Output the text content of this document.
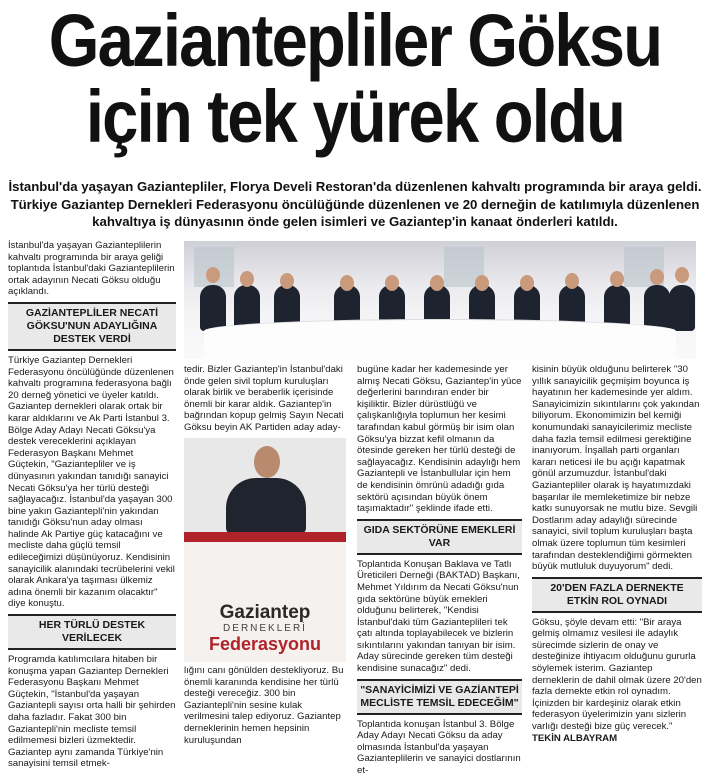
Gaziantepliler Göksu
için tek yürek oldu
İstanbul'da yaşayan Gaziantepliler, Florya Develi Restoran'da düzenlenen kahvaltı programında bir araya geldi. Türkiye Gaziantep Dernekleri Federasyonu öncülüğünde düzenlenen ve 20 derneğin de katılımıyla düzenlenen kahvaltıya iş dünyasının önde gelen isimleri ve Gaziantep'in kanaat önderleri katıldı.

İstanbul'da yaşayan Gazianteplilerin kahvaltı programında bir araya geliği toplantıda İstanbul'daki Gazianteplilerin ortak adayının Necati Göksu olduğu açıklandı.

GAZİANTEPLİLER NECATİ GÖKSU'NUN ADAYLIĞINA DESTEK VERDİ

Türkiye Gaziantep Dernekleri Federasyonu öncülüğünde düzenlenen kahvaltı programına federasyona bağlı 20 derneğ yönetici ve üyeler katıldı. Gaziantep dernekleri olarak ortak bir karar aldıklarını ve Ak Parti İstanbul 3. Bölge Aday Adayı Necati Göksu'ya destek vereceklerini açıklayan Federasyon Başkanı Mehmet Güçtekin, "Gaziantepliler ve iş dünyasının yakından tanıdığı sanayici Necati Göksu'ya her türlü desteği sağlayacağız. İstanbul'da yaşayan 300 bine yakın Gaziantepli'nin yakından tanıdığı Göksu'nun aday olması halinde Ak Partiye güç katacağını ve mecliste daha güçlü temsil edileceğimizi düşünüyoruz. Kendisinin sanayicilik alanındaki tecrübelerini vekil olarak Ankara'ya taşıması ülkemiz adına önemli bir kazanım olacaktır" diye konuştu.

HER TÜRLÜ DESTEK VERİLECEK

Programda katılımcılara hitaben bir konuşma yapan Gaziantep Dernekleri Federasyonu Başkanı Mehmet Güçtekin, "İstanbul'da yaşayan Gaziantepli sayısı orta halli bir şehirden daha fazladır. Fakat 300 bin Gaziantepli'nin mecliste temsil edilmemesi bizleri üzmektedir. Gaziantep aynı zamanda Türkiye'nin sanayisini temsil etmek-

tedir. Bizler Gaziantep'in İstanbul'daki önde gelen sivil toplum kuruluşları olarak birlik ve beraberlik içerisinde önemli bir karar aldık. Gaziantep'in bağrından kopup gelmiş Sayın Necati Göksu beyin AK Partiden aday aday-

Gaziantep
DERNEKLERİ
Federasyonu

lığını canı gönülden destekliyoruz. Bu önemli karanında kendisine her türlü desteği vereceğiz. 300 bin Gaziantepli'nin sesine kulak verilmesini talep ediyoruz. Gaziantep derneklerinin hemen hepsinin kuruluşundan

bugüne kadar her kademesinde yer almış Necati Göksu, Gaziantep'in yüce değerlerini barındıran ender bir kişiliktir. Bizler dürüstlüğü ve çalışkanlığıyla toplumun her kesimi tarafından kabul görmüş bir isim olan Göksu'ya bizzat kefil olmanın da ötesinde gereken her türlü desteği de sağlayacağız. Kendisinin adaylığı hem Gaziantepli ve İstanbullular için hem de kendisinin ömrünü adadığı gıda sektörü açısından büyük önem taşımaktadır" şeklinde ifade etti.

GIDA SEKTÖRÜNE EMEKLERİ VAR

Toplantıda Konuşan Baklava ve Tatlı Üreticileri Derneği (BAKTAD) Başkanı, Mehmet Yıldırım da Necati Göksu'nun gıda sektörüne büyük emekleri olduğunu belirterek, "Kendisi İstanbul'daki tüm Gazianteplileri tek çatı altında toplayabilecek ve bizlerin sıkıntılarını yakından tanıyan bir isim. Aday sürecinde gereken tüm desteği kendisine sunacağız" dedi.

"SANAYİCİMİZİ VE GAZİANTEPİ MECLİSTE TEMSİL EDECEĞİM"

Toplantıda konuşan İstanbul 3. Bölge Aday Adayı Necati Göksu da aday olmasında İstanbul'da yaşayan Gazianteplilerin ve sanayici dostlarının et-

kisinin büyük olduğunu belirterek "30 yıllık sanayicilik geçmişim boyunca iş hayatının her kademesinde yer aldım. Sanayicimizin sıkıntılarını çok yakından biliyorum. Ekonomimizin bel kemiği konumundaki sanayicilerimiz mecliste daha fazla temsil edilmesi gerektiğine inanıyorum. İnşallah parti organları kararı neticesi ile bu açığı kapatmak gönül arzumuzdur. İstanbul'daki Gaziantepliler olarak iş hayatımızdaki başarılar ile memleketimize bir nebze katkı sunuyorsak ne mutlu bize. Sevgili Dostlarım aday adaylığı sürecinde sanayici, sivil toplum kuruluşları başta olmak üzere toplumun tüm kesimleri tarafından desteklendiğimi görmekten büyük mutluluk duyuyorum" dedi.

20'DEN FAZLA DERNEKTE ETKİN ROL OYNADI

Göksu, şöyle devam etti: "Bir araya gelmiş olmamız vesilesi ile adaylık sürecimde sizlerin de onay ve desteğinize ihtiyacım olduğunu gururla söylemek isterim. Gaziantep derneklerin de dahil olmak üzere 20'den fazla dernekte etkin rol oynadım. İçinizden bir kardeşiniz olarak etkin federasyon üyelerimizin yanı sizlerin varlığı desteği bize güç verecek."

TEKİN ALBAYRAM
